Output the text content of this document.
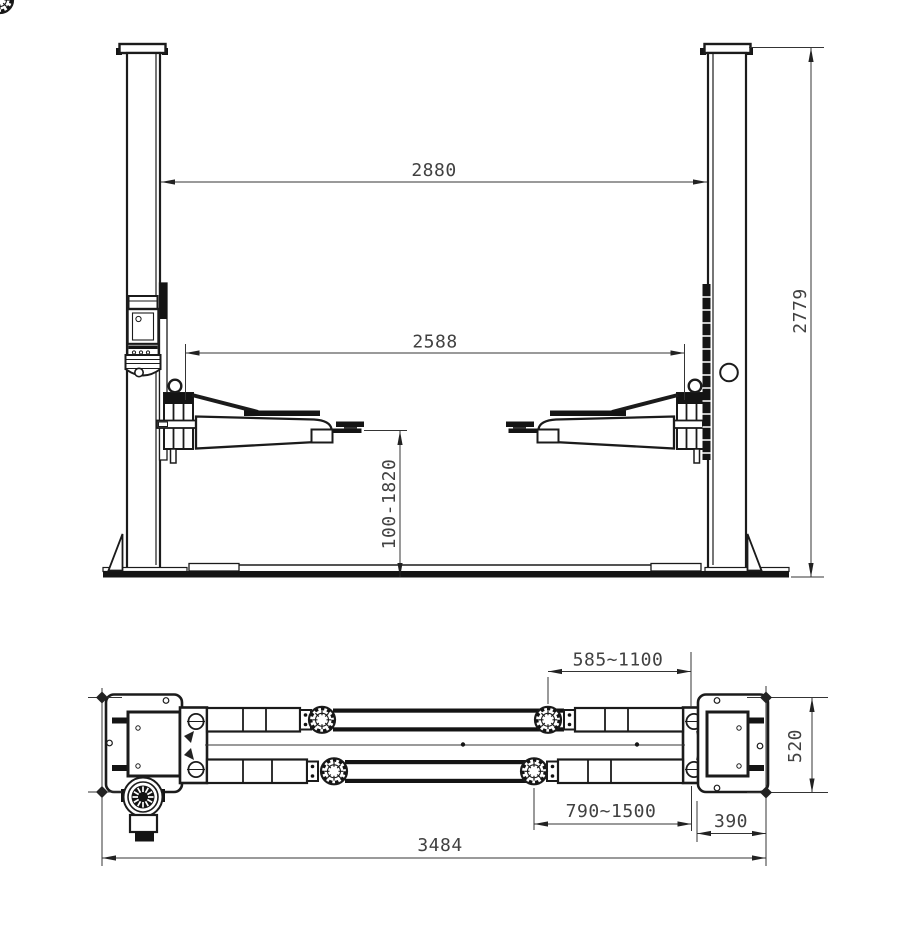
2880
2588
2779
100-1820
585~1100
790~1500	390
3484
520
